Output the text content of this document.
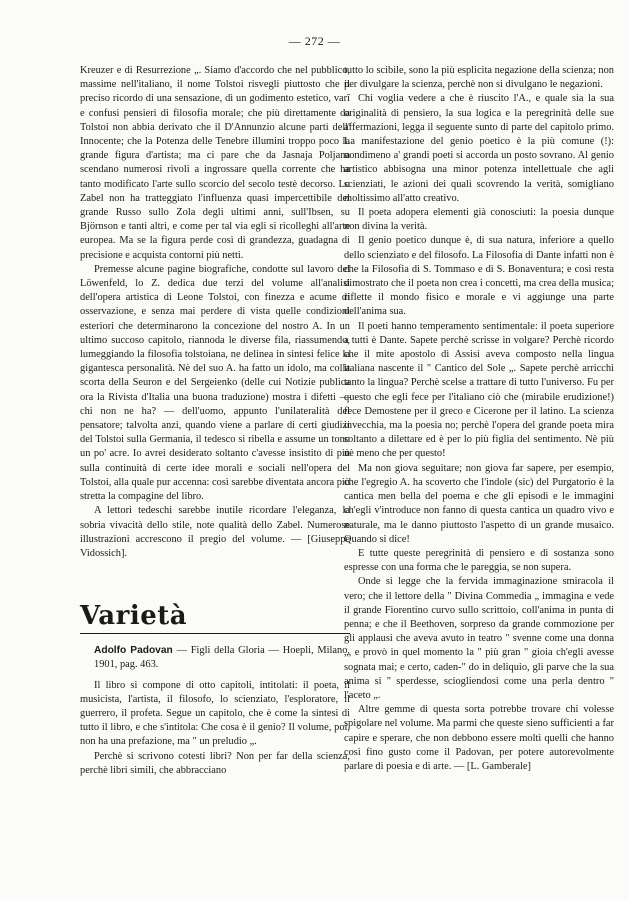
— 272 —

Kreuzer e di Resurrezione „. Siamo d'accordo che nel pubblico, massime nell'italiano, il nome Tolstoi risvegli piuttosto che il preciso ricordo di una sensazione, di un godimento estetico, varî e confusi pensieri di filosofia morale; che più direttamente da Tolstoi non abbia derivato che il D'Annunzio alcune parti dell' Innocente; che la Potenza delle Tenebre illumini troppo poco la grande figura d'artista; ma ci pare che da Jasnaja Poljana scendano numerosi rivoli a ingrossare quella corrente che ha tanto modificato l'arte sullo scorcio del secolo testè decorso. Lo Zabel non ha tratteggiato l'influenza quasi impercettibile del grande Russo sullo Zola degli ultimi anni, sull'Ibsen, su Björnson e tanti altri, e come per tal via egli si ricolleghi all'arte europea. Ma se la figura perde così di grandezza, guadagna di precisione e acquista contorni più netti.

Premesse alcune pagine biografiche, condotte sul lavoro del Löwenfeld, lo Z. dedica due terzi del volume all'analisi dell'opera artistica di Leone Tolstoi, con finezza e acume di osservazione, e senza mai perdere di vista quelle condizioni esteriori che determinarono la concezione del nostro A. In un ultimo succoso capitolo, riannoda le diverse fila, riassumendo, lumeggiando la filosofia tolstoiana, ne delinea in sintesi felice la gigantesca personalità. Nè del suo A. ha fatto un idolo, ma colla scorta della Seuron e del Sergeienko (delle cui Notizie publica ora la Rivista d'Italia una buona traduzione) mostra i difetti — chi non ne ha? — dell'uomo, appunto l'unilateralità del pensatore; talvolta anzi, quando viene a parlare di certi giudizi del Tolstoi sulla Germania, il tedesco si ribella e assume un tono un po' acre. Io avrei desiderato soltanto c'avesse insistito di più sulla continuità di certe idee morali e sociali nell'opera del Tolstoi, alla quale pur accenna: così sarebbe diventata ancora più stretta la compagine del libro.

A lettori tedeschi sarebbe inutile ricordare l'eleganza, la sobria vivacità dello stile, note qualità dello Zabel. Numerose illustrazioni accrescono il pregio del volume. — [Giuseppe Vidossich].

Varietà

Adolfo Padovan — Figli della Gloria — Hoepli, Milano, 1901, pag. 463.

Il libro si compone di otto capitoli, intitolati: il poeta, il musicista, l'artista, il filosofo, lo scienziato, l'esploratore, il guerrero, il profeta. Segue un capitolo, che è come la sintesi di tutto il libro, e che s'intitola: Che cosa è il genio? Il volume, poi, non ha una prefazione, ma " un preludio „.

Perchè si scrivono cotesti libri? Non per far della scienza, perchè libri simili, che abbracciano

tutto lo scibile, sono la più esplicita negazione della scienza; non per divulgare la scienza, perchè non si divulgano le negazioni.

Chi voglia vedere a che è riuscito l'A., e quale sia la sua originalità di pensiero, la sua logica e la peregrinità delle sue affermazioni, legga il seguente sunto di parte del capitolo primo. La manifestazione del genio poetico è la più comune (!): nondimeno a' grandi poeti si accorda un posto sovrano. Al genio artistico abbisogna una minor potenza intellettuale che agli scienziati, le azioni dei quali scovrendo la verità, somigliano moltissimo all'atto creativo.

Il poeta adopera elementi già conosciuti: la poesia dunque non divina la verità.

Il genio poetico dunque è, di sua natura, inferiore a quello dello scienziato e del filosofo. La Filosofia di Dante infatti non è che la Filosofia di S. Tommaso e di S. Bonaventura; e così resta dimostrato che il poeta non crea i concetti, ma crea della musica; riflette il mondo fisico e morale e vi aggiunge una parte dell'anima sua.

Il poeti hanno temperamento sentimentale: il poeta superiore a tutti è Dante. Sapete perchè scrisse in volgare? Perchè ricordo che il mite apostolo di Assisi aveva composto nella lingua italiana nascente il " Cantico del Sole „. Sapete perchè arricchì tanto la lingua? Perchè scelse a trattare di tutto l'universo. Fu per questo che egli fece per l'italiano ciò che (mirabile erudizione!) fece Demostene per il greco e Cicerone per il latino. La scienza invecchia, ma la poesia no; perchè l'opera del grande poeta mira soltanto a dilettare ed è per lo più figlia del sentimento. Nè più nè meno che per questo!

Ma non giova seguitare; non giova far sapere, per esempio, che l'egregio A. ha scoverto che l'indole (sic) del Purgatorio è la cantica men bella del poema e che gli episodi e le immagini ch'egli v'introduce non fanno di questa cantica un quadro vivo e naturale, ma le danno piuttosto l'aspetto di un grande musaico. Quando si dice!

E tutte queste peregrinità di pensiero e di sostanza sono espresse con una forma che le pareggia, se non supera.

Onde si legge che la fervida immaginazione smiracola il vero; che il lettore della " Divina Commedia „ immagina e vede il grande Fiorentino curvo sullo scrittoio, coll'anima in punta di penna; e che il Beethoven, sorpreso da grande commozione per gli applausi che aveva avuto in teatro " svenne come una donna „, e provò in quel momento la " più gran " gioia ch'egli avesse sognata mai; e certo, caden-" do in deliquio, gli parve che la sua anima si " sperdesse, sciogliendosi come una perla dentro " l'aceto „.

Altre gemme di questa sorta potrebbe trovare chi volesse spigolare nel volume. Ma parmi che queste sieno sufficienti a far capire e sperare, che non debbono essere molti quelli che hanno così fino gusto come il Padovan, per potere autorevolmente parlare di poesia e di arte. — [L. Gamberale]
